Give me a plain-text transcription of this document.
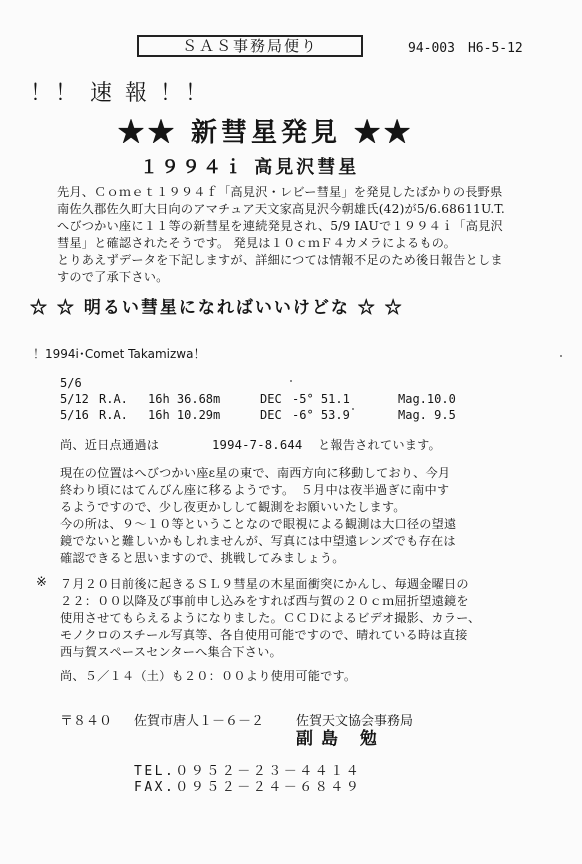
ＳＡＳ事務局便り	94-003　H6-5-12
！！ 速 報 ！！
★★ 新彗星発見 ★★
１９９４ｉ 高見沢彗星
先月、Ｃｏｍｅｔ１９９４ｆ「高見沢・レビー彗星」を発見したばかりの長野県
南佐久郡佐久町大日向のアマチュア天文家高見沢今朝雄氏(42)が5/6.68611U.T.
へびつかい座に１１等の新彗星を連続発見され、5/9 IAUで１９９４ｉ「高見沢
彗星」と確認されたそうです。 発見は１０ｃｍＦ４カメラによるもの。
とりあえずデータを下記しますが、詳細につては情報不足のため後日報告としま
すので了承下さい。
☆ ☆ 明るい彗星になればいいけどな ☆ ☆
！1994i･Comet Takamizwa！
5/6
5/12 R.A. 16h 36.68m	DEC -5° 51.1	Mag.10.0
5/16 R.A. 16h 10.29m	DEC -6° 53.9	Mag. 9.5
尚、近日点通過は	1994-7-8.644 と報告されています。
現在の位置はへびつかい座ε星の東で、南西方向に移動しており、今月
終わり頃にはてんびん座に移るようです。　５月中は夜半過ぎに南中す
るようですので、少し夜更かしして観測をお願いいたします。
今の所は、９～１０等ということなので眼視による観測は大口径の望遠
鏡でないと難しいかもしれませんが、写真には中望遠レンズでも存在は
確認できると思いますので、挑戦してみましょう。
※ ７月２０日前後に起きるＳＬ９彗星の木星面衝突にかんし、毎週金曜日の
２２：００以降及び事前申し込みをすれば西与賀の２０ｃｍ屈折望遠鏡を
使用させてもらえるようになりました。ＣＣＤによるビデオ撮影、カラー、
モノクロのスチール写真等、各自使用可能ですので、晴れている時は直接
西与賀スペースセンターへ集合下さい。
尚、５／１４（土）も２０：００より使用可能です。
〒８４０ 佐賀市唐人１－６－２ 佐賀天文協会事務局
副島 勉
TEL.０９５２－２３－４４１４
FAX.０９５２－２４－６８４９
